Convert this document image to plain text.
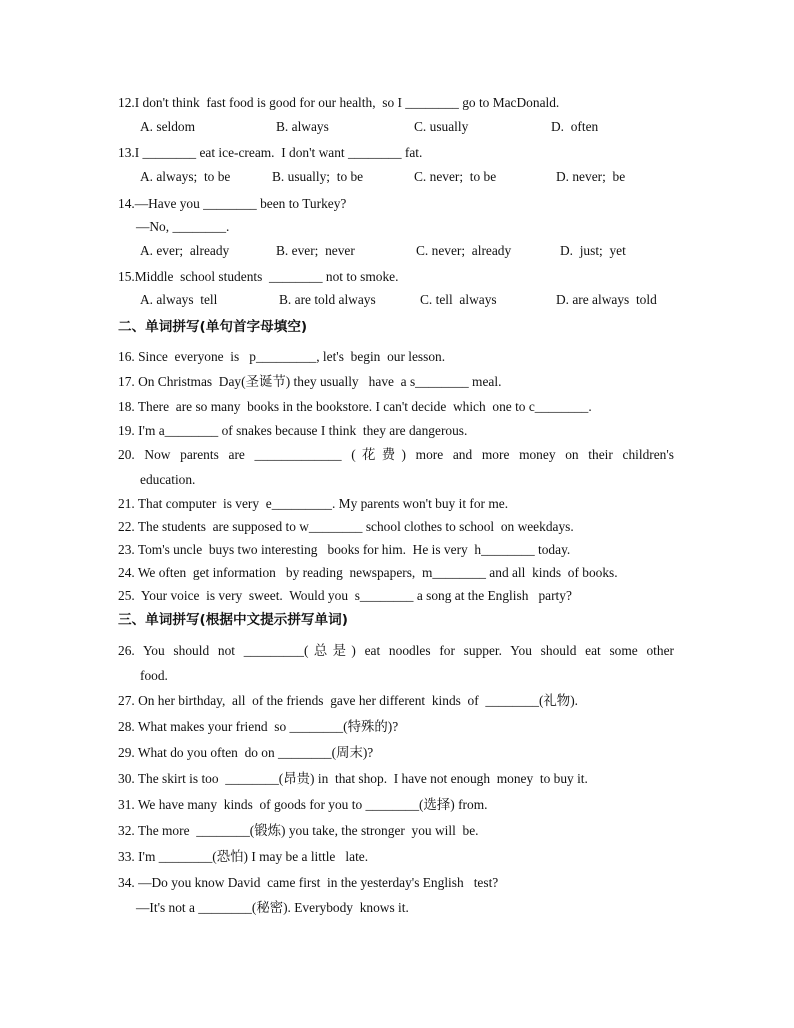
12.I don't think  fast food is good for our health,  so I ________ go to MacDonald.
A. seldom	B. always	C. usually	D.  often
13.I ________ eat ice-cream.  I don't want ________ fat.
A. always;  to be	B. usually;  to be	C. never;  to be	D. never;  be
14.—Have you ________ been to Turkey?
—No, ________.
A. ever;  already	B. ever;  never	C. never;  already	D.  just;  yet
15.Middle  school students  ________ not to smoke.
A. always  tell	B. are told always	C. tell  always	D. are always  told
二、单词拼写(单句首字母填空)
16. Since  everyone  is   p_________, let's  begin  our lesson.
17. On Christmas  Day(圣诞节) they usually   have  a s________ meal.
18. There  are so many  books in the bookstore. I can't decide  which  one to c________.
19. I'm a________ of snakes because I think  they are dangerous.
20. Now parents are _____________ (花费) more and more money on their children's
education.
21. That computer  is very  e_________. My parents won't buy it for me.
22. The students  are supposed to w________ school clothes to school  on weekdays.
23. Tom's uncle  buys two interesting   books for him.  He is very  h________ today.
24. We often  get information   by reading  newspapers,  m________ and all  kinds  of books.
25.  Your voice  is very  sweet.  Would you  s________ a song at the English   party?
三、单词拼写(根据中文提示拼写单词)
26. You should not _________(总是) eat noodles for supper. You should eat some other
food.
27. On her birthday,  all  of the friends  gave her different  kinds  of  ________(礼物).
28. What makes your friend  so ________(特殊的)?
29. What do you often  do on ________(周末)?
30. The skirt is too  ________(昂贵) in  that shop.  I have not enough  money  to buy it.
31. We have many  kinds  of goods for you to ________(选择) from.
32. The more  ________(锻炼) you take, the stronger  you will  be.
33. I'm ________(恐怕) I may be a little   late.
34. —Do you know David  came first  in the yesterday's English   test?
—It's not a ________(秘密). Everybody  knows it.
